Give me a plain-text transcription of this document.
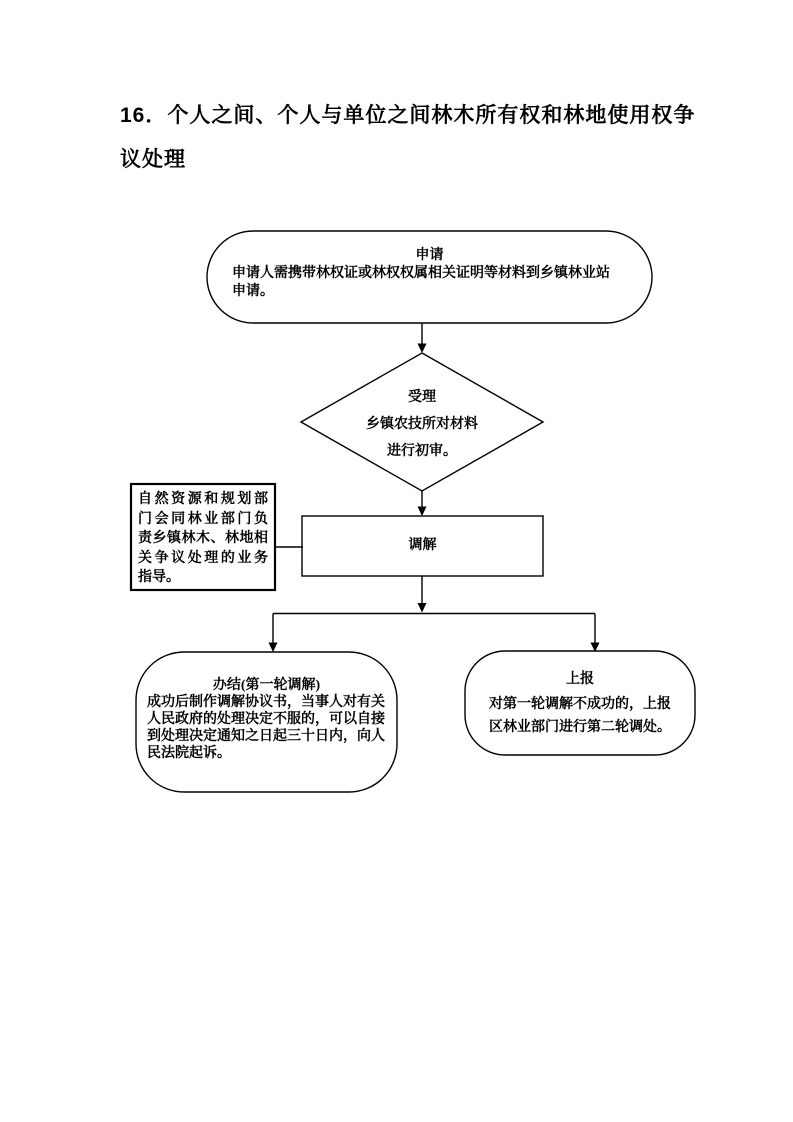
16．个人之间、个人与单位之间林木所有权和林地使用权争
议处理
申请
申请人需携带林权证或林权权属相关证明等材料到乡镇林业站
申请。
受理
乡镇农技所对材料
进行初审。
自然资源和规划部
门会同林业部门负
责乡镇林木、林地相
关争议处理的业务
指导。
调解
办结(第一轮调解)
成功后制作调解协议书，当事人对有关
人民政府的处理决定不服的，可以自接
到处理决定通知之日起三十日内，向人
民法院起诉。
上报
对第一轮调解不成功的，上报
区林业部门进行第二轮调处。
